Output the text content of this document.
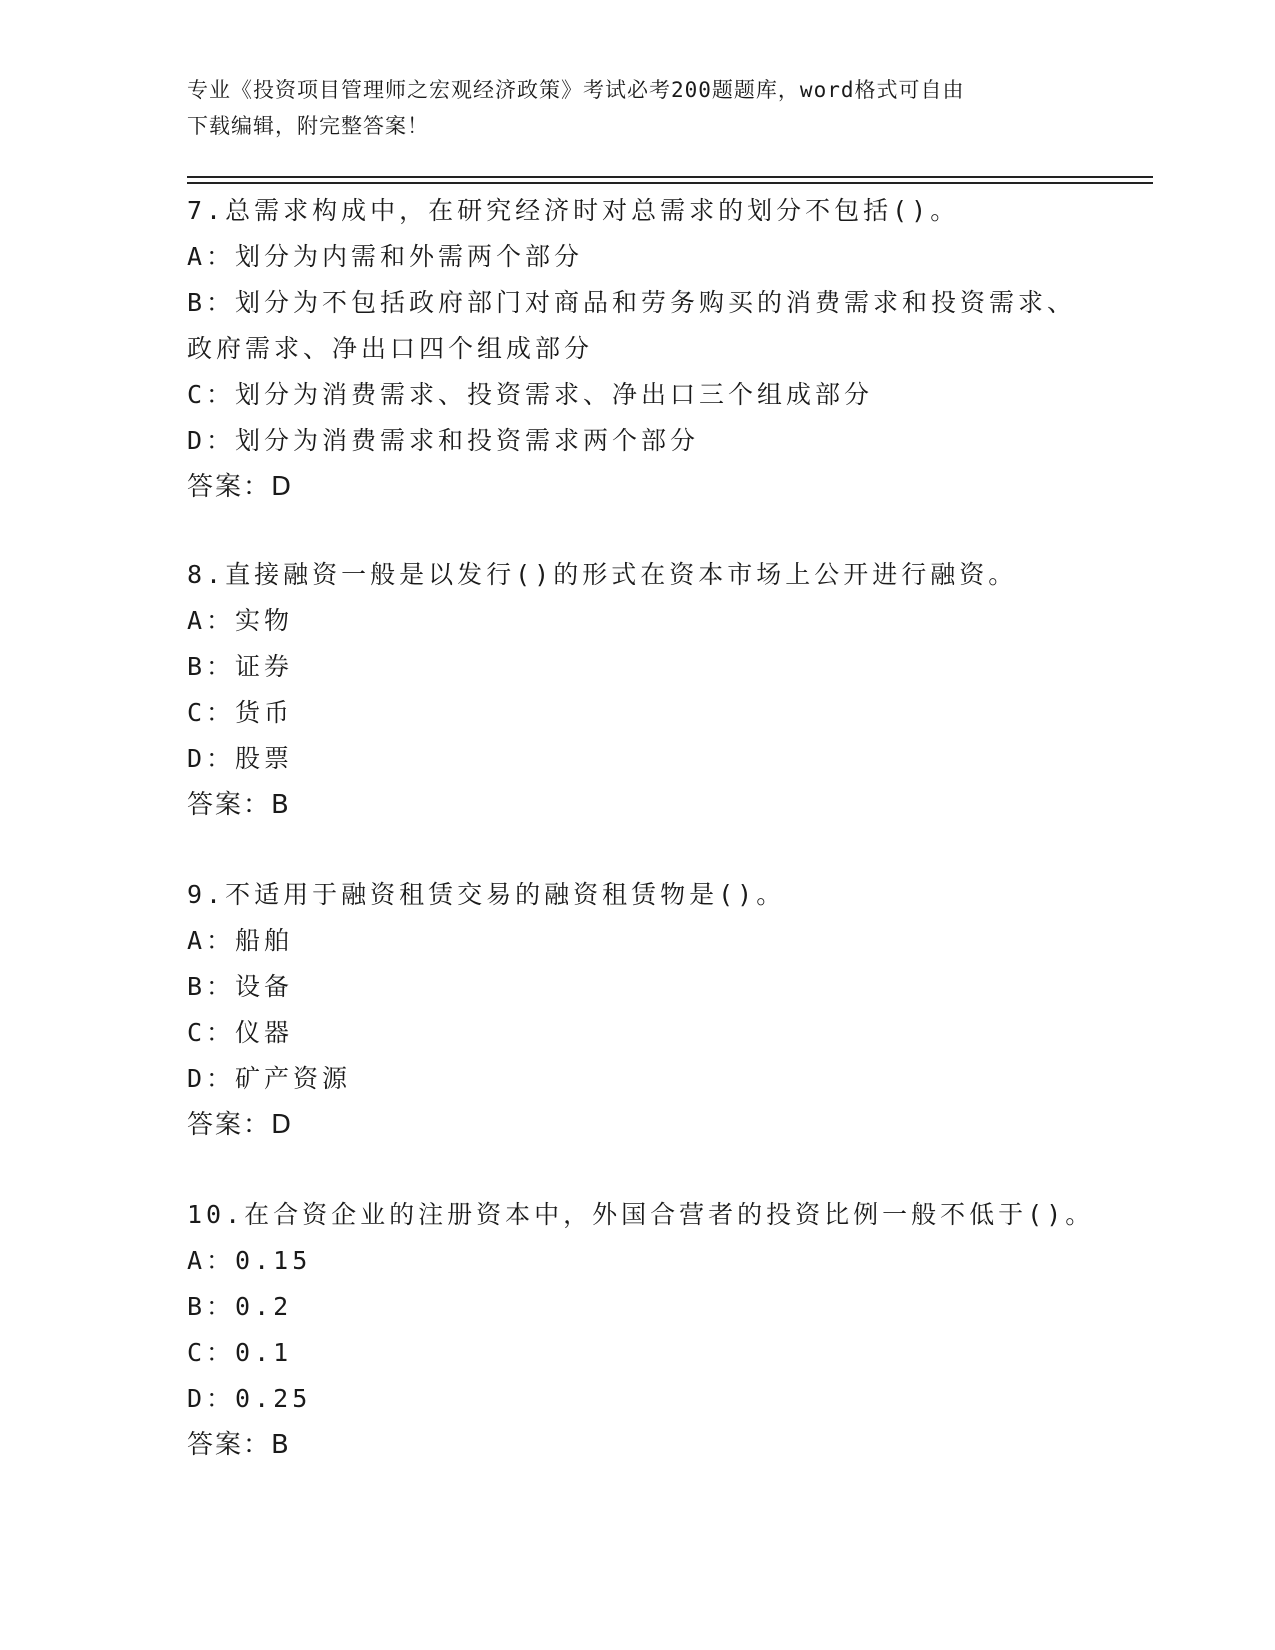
专业《投资项目管理师之宏观经济政策》考试必考200题题库，word格式可自由
下载编辑，附完整答案！
7.总需求构成中，在研究经济时对总需求的划分不包括()。
A：划分为内需和外需两个部分
B：划分为不包括政府部门对商品和劳务购买的消费需求和投资需求、
政府需求、净出口四个组成部分
C：划分为消费需求、投资需求、净出口三个组成部分
D：划分为消费需求和投资需求两个部分
答案：D
8.直接融资一般是以发行()的形式在资本市场上公开进行融资。
A：实物
B：证券
C：货币
D：股票
答案：B
9.不适用于融资租赁交易的融资租赁物是()。
A：船舶
B：设备
C：仪器
D：矿产资源
答案：D
10.在合资企业的注册资本中，外国合营者的投资比例一般不低于()。
A：0.15
B：0.2
C：0.1
D：0.25
答案：B
